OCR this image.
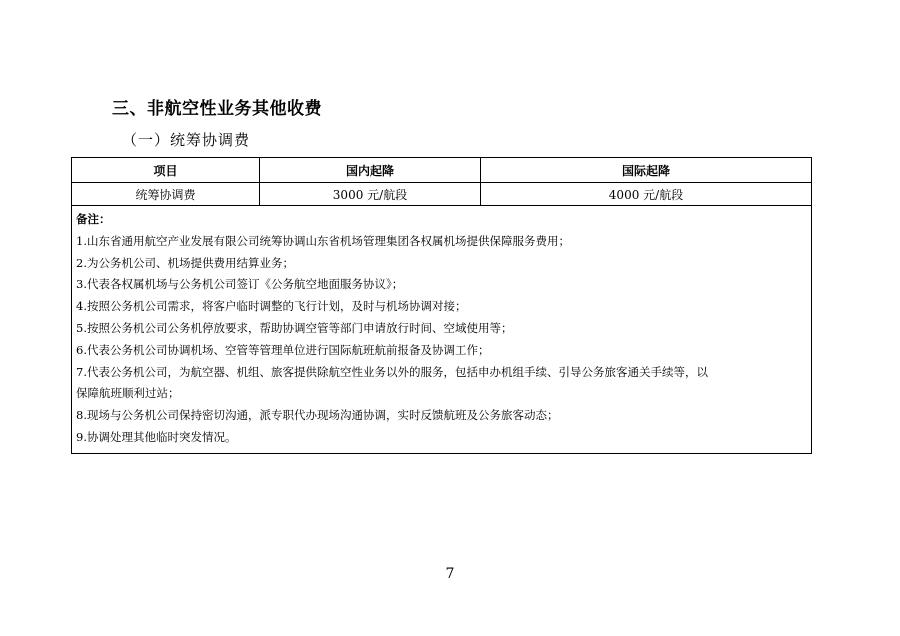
三、非航空性业务其他收费
（一）统筹协调费
项目	国内起降	国际起降
统筹协调费	3000 元/航段	4000 元/航段
备注：
1.山东省通用航空产业发展有限公司统筹协调山东省机场管理集团各权属机场提供保障服务费用；
2.为公务机公司、机场提供费用结算业务；
3.代表各权属机场与公务机公司签订《公务航空地面服务协议》；
4.按照公务机公司需求，将客户临时调整的飞行计划，及时与机场协调对接；
5.按照公务机公司公务机停放要求，帮助协调空管等部门申请放行时间、空域使用等；
6.代表公务机公司协调机场、空管等管理单位进行国际航班航前报备及协调工作；
7.代表公务机公司，为航空器、机组、旅客提供除航空性业务以外的服务，包括申办机组手续、引导公务旅客通关手续等，以
保障航班顺利过站；
8.现场与公务机公司保持密切沟通，派专职代办现场沟通协调，实时反馈航班及公务旅客动态；
9.协调处理其他临时突发情况。
7
